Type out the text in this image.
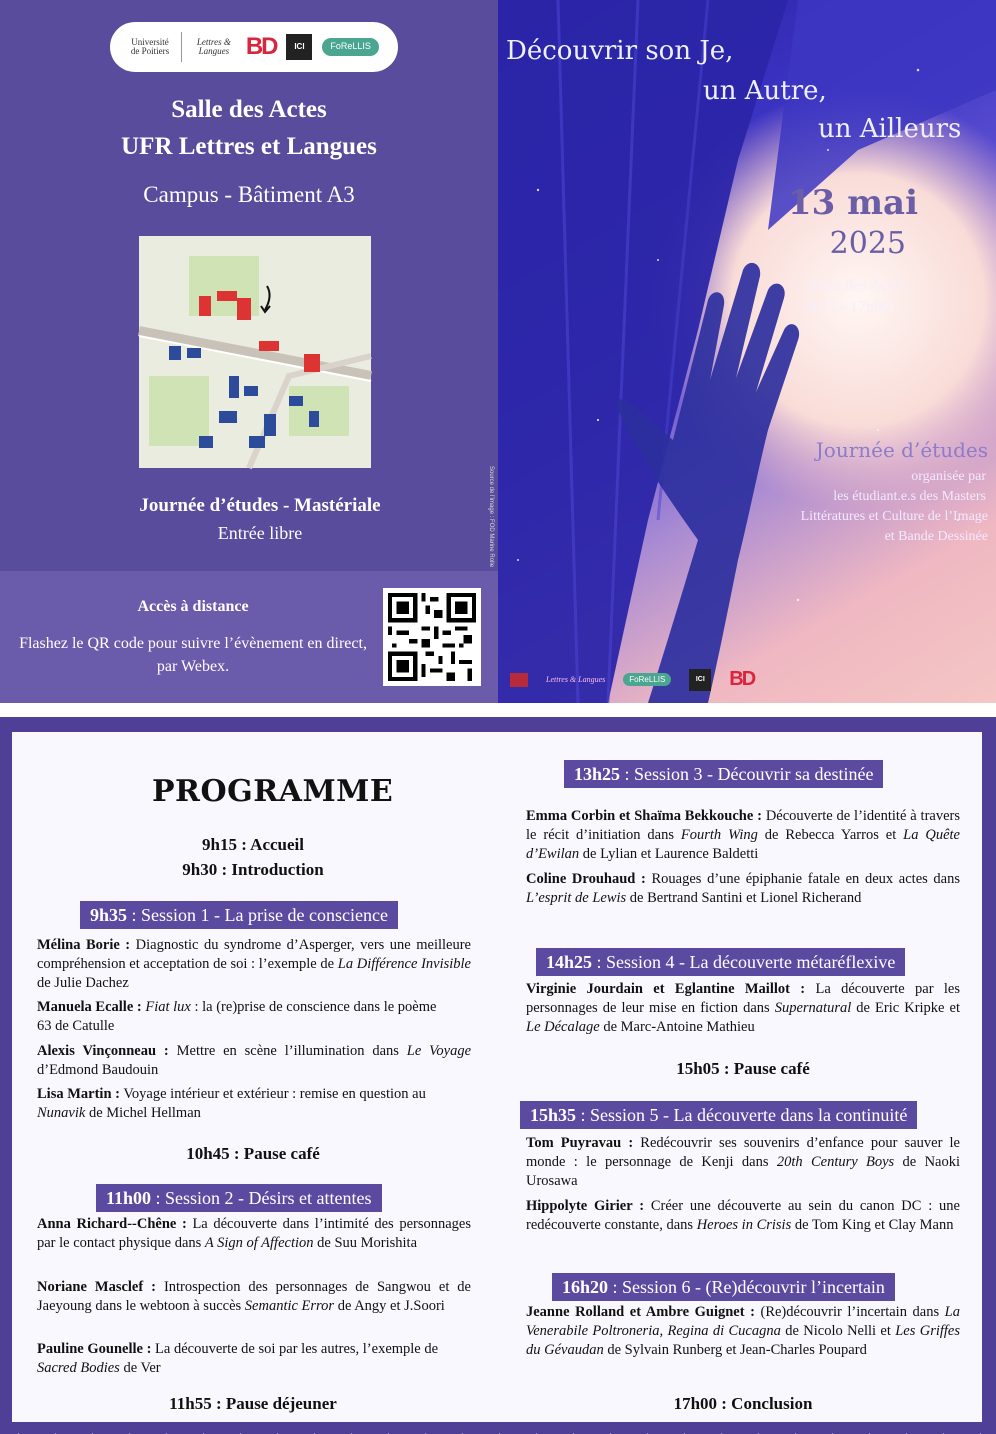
Université de Poitiers
Lettres & Langues BD	ICI	FoReLLIS
Salle des Actes
UFR Lettres et Langues
Campus - Bâtiment A3
Journée d’études - Mastériale
Entrée libre
Accès à distance
Flashez le QR code pour suivre l’évènement en direct, par Webex.
Découvrir son Je,
un Autre,
un Ailleurs
13 mai
2025
Salle des Actes
9h15 - 17h00
Journée d’études
organisée par
les étudiant.e.s des Masters
Littératures et Culture de l’Image
et Bande Dessinée
Source de l’image : FOD Marine Rolle
Lettres & Langues	FoReLLIS	ICI	BD
PROGRAMME
9h15 : Accueil
9h30 : Introduction
9h35 : Session 1 - La prise de conscience
Mélina Borie : Diagnostic du syndrome d’Asperger, vers une meilleure compréhension et acceptation de soi : l’exemple de La Différence Invisible de Julie Dachez
Manuela Ecalle : Fiat lux : la (re)prise de conscience dans le poème 63 de Catulle
Alexis Vinçonneau : Mettre en scène l’illumination dans Le Voyage d’Edmond Baudouin
Lisa Martin : Voyage intérieur et extérieur : remise en question au Nunavik de Michel Hellman
10h45 : Pause café
11h00 : Session 2 - Désirs et attentes
Anna Richard--Chêne : La découverte dans l’intimité des personnages par le contact physique dans A Sign of Affection de Suu Morishita
Noriane Masclef : Introspection des personnages de Sangwou et de Jaeyoung dans le webtoon à succès Semantic Error de Angy et J.Soori
Pauline Gounelle : La découverte de soi par les autres, l’exemple de Sacred Bodies de Ver
11h55 : Pause déjeuner
13h25 : Session 3 - Découvrir sa destinée
Emma Corbin et Shaïma Bekkouche : Découverte de l’identité à travers le récit d’initiation dans Fourth Wing de Rebecca Yarros et La Quête d’Ewilan de Lylian et Laurence Baldetti
Coline Drouhaud : Rouages d’une épiphanie fatale en deux actes dans L’esprit de Lewis de Bertrand Santini et Lionel Richerand
14h25 : Session 4 - La découverte métaréflexive
Virginie Jourdain et Eglantine Maillot : La découverte par les personnages de leur mise en fiction dans Supernatural de Eric Kripke et Le Décalage de Marc-Antoine Mathieu
15h05 : Pause café
15h35 : Session 5 - La découverte dans la continuité
Tom Puyravau : Redécouvrir ses souvenirs d’enfance pour sauver le monde : le personnage de Kenji dans 20th Century Boys de Naoki Urosawa
Hippolyte Girier : Créer une découverte au sein du canon DC : une redécouverte constante, dans Heroes in Crisis de Tom King et Clay Mann
16h20 : Session 6 - (Re)découvrir l’incertain
Jeanne Rolland et Ambre Guignet : (Re)découvrir l’incertain dans La Venerabile Poltroneria, Regina di Cucagna de Nicolo Nelli et Les Griffes du Gévaudan de Sylvain Runberg et Jean-Charles Poupard
17h00 : Conclusion
